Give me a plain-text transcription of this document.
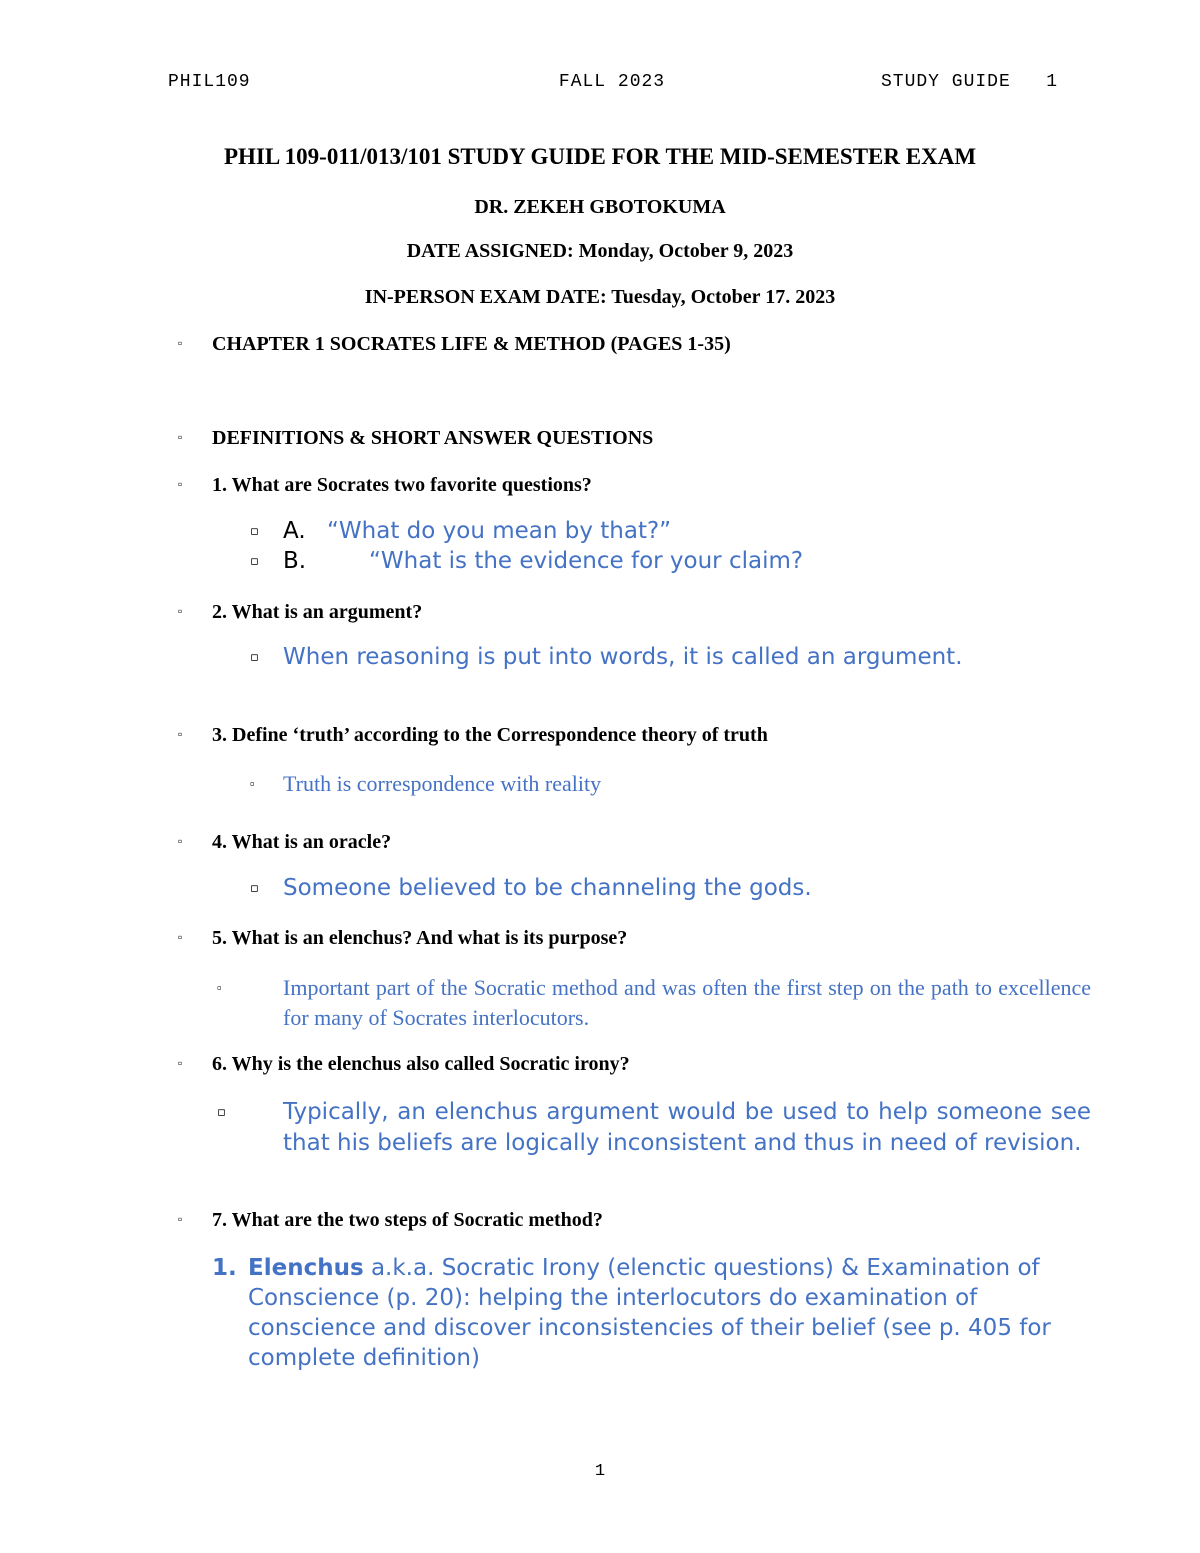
PHIL109	FALL 2023	STUDY GUIDE   1
PHIL 109-011/013/101 STUDY GUIDE FOR THE MID-SEMESTER EXAM
DR. ZEKEH GBOTOKUMA
DATE ASSIGNED: Monday, October 9, 2023
IN-PERSON EXAM DATE: Tuesday, October 17. 2023
▫ CHAPTER 1 SOCRATES LIFE & METHOD (PAGES 1-35)
▫ DEFINITIONS & SHORT ANSWER QUESTIONS
▫ 1. What are Socrates two favorite questions?
▫ A. “What do you mean by that?”
▫ B.	“What is the evidence for your claim?
▫ 2. What is an argument?
▫ When reasoning is put into words, it is called an argument.
▫ 3. Define ‘truth’ according to the Correspondence theory of truth
▫ Truth is correspondence with reality
▫ 4. What is an oracle?
▫ Someone believed to be channeling the gods.
▫ 5. What is an elenchus? And what is its purpose?
▫	Important part of the Socratic method and was often the first step on the path to excellence for many of Socrates interlocutors.
▫ 6. Why is the elenchus also called Socratic irony?
▫ Typically, an elenchus argument would be used to help someone see that his beliefs are logically inconsistent and thus in need of revision.
▫ 7. What are the two steps of Socratic method?
1. Elenchus a.k.a. Socratic Irony (elenctic questions) & Examination of Conscience (p. 20): helping the interlocutors do examination of conscience and discover inconsistencies of their belief (see p. 405 for complete definition)
1
